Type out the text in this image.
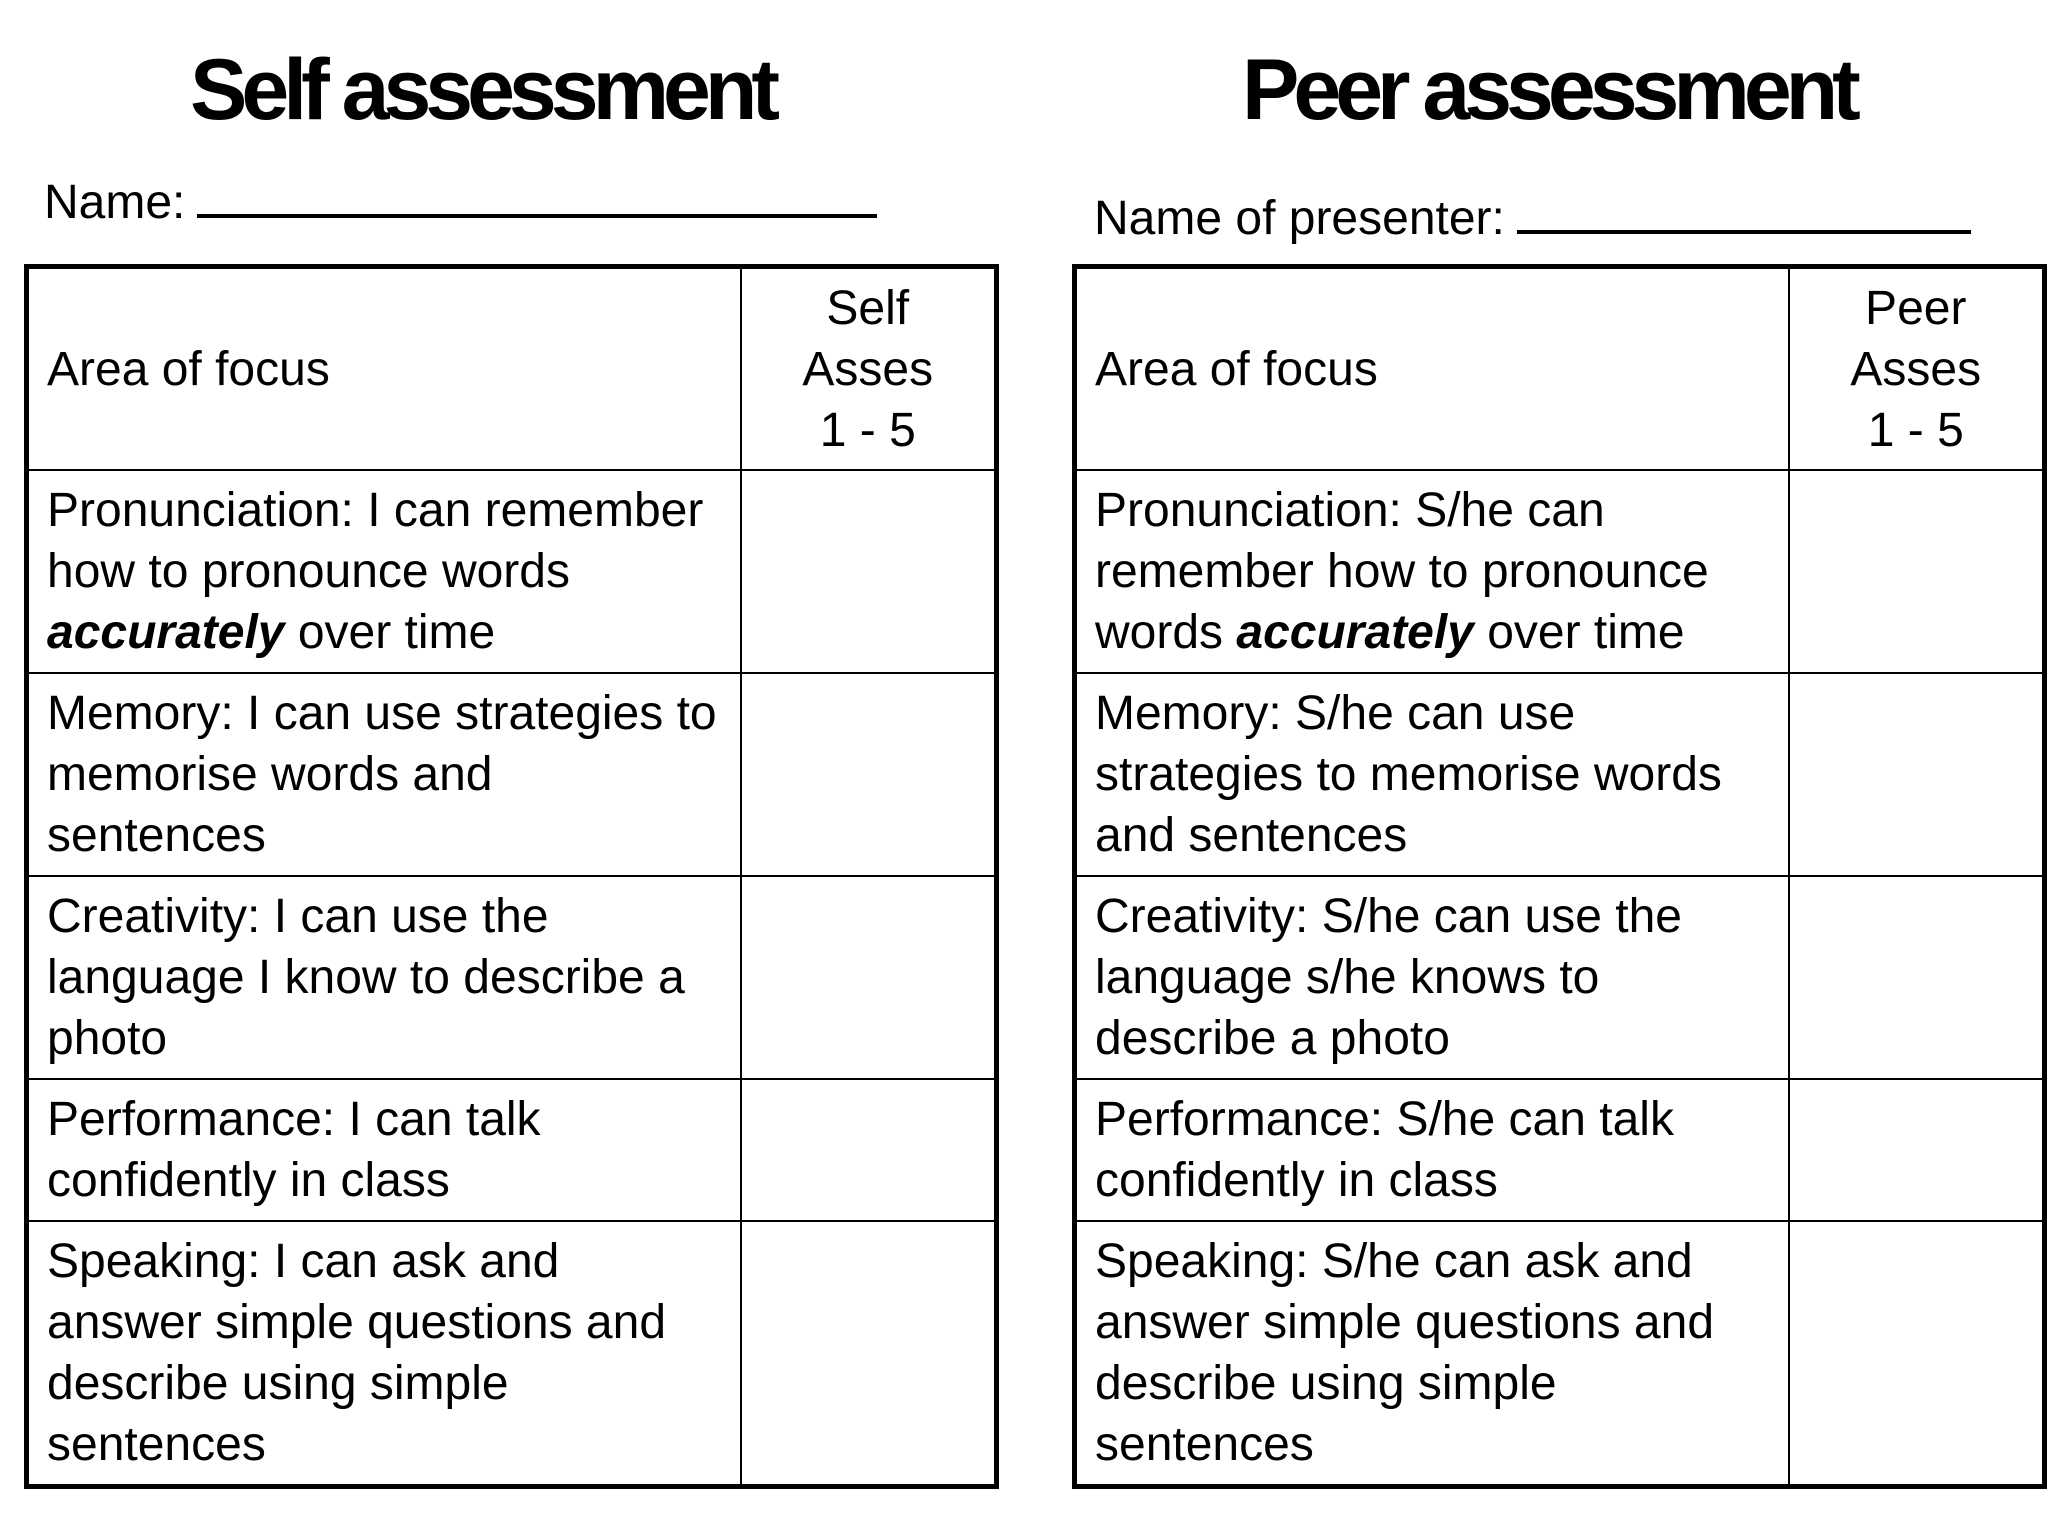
Self assessment
Name:
Area of focus	Self
Asses
1 - 5

Pronunciation: I can remember how to pronounce words accurately over time	
Memory: I can use strategies to memorise words and sentences	
Creativity: I can use the language I know to describe a photo	
Performance: I can talk confidently in class	
Speaking: I can ask and answer simple questions and describe using simple sentences	
Peer assessment
Name of presenter:
Area of focus	Peer
Asses
1 - 5

Pronunciation: S/he can remember how to pronounce words accurately over time	
Memory: S/he can use strategies to memorise words and sentences	
Creativity: S/he can use the language s/he knows to describe a photo	
Performance: S/he can talk confidently in class	
Speaking: S/he can ask and answer simple questions and describe using simple sentences	
